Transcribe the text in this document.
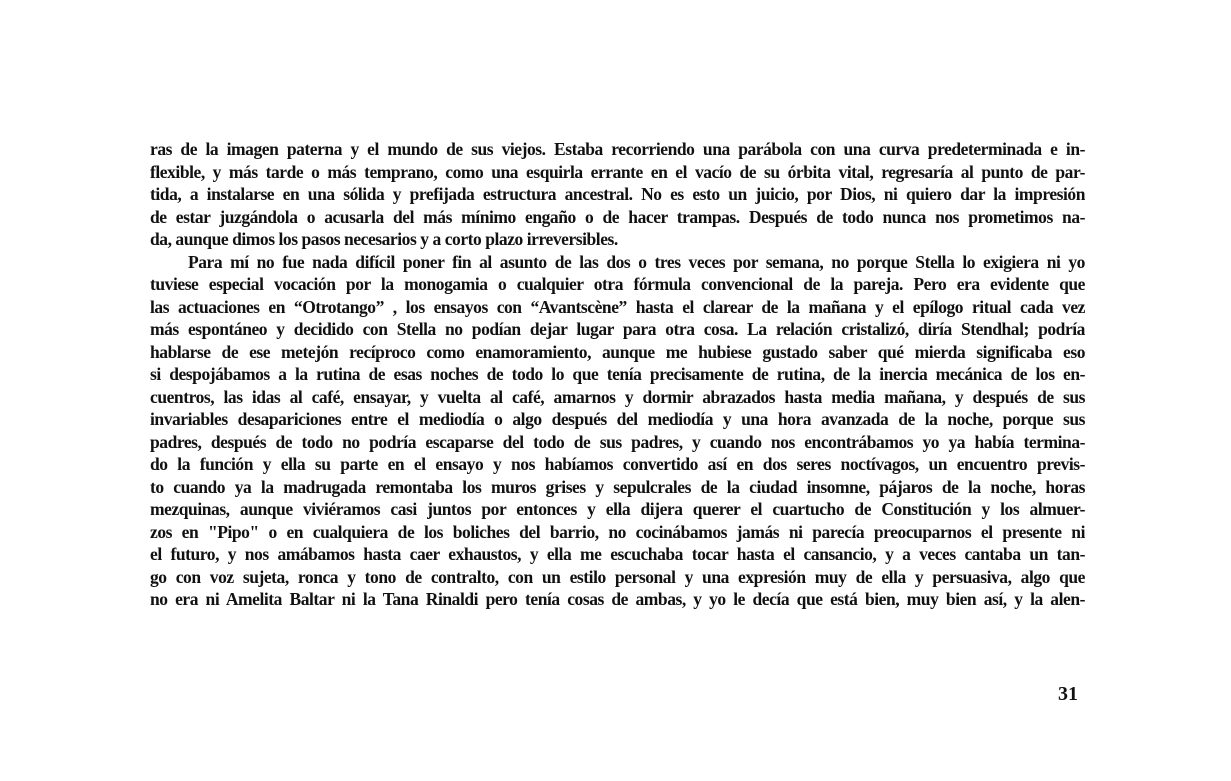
ras de la imagen paterna y el mundo de sus viejos. Estaba recorriendo una parábola con una curva predeterminada e in-
flexible, y más tarde o más temprano, como una esquirla errante en el vacío de su órbita vital, regresaría al punto de par-
tida, a instalarse en una sólida y prefijada estructura ancestral. No es esto un juicio, por Dios, ni quiero dar la impresión
de estar juzgándola o acusarla del más mínimo engaño o de hacer trampas. Después de todo nunca nos prometimos na-
da, aunque dimos los pasos necesarios y a corto plazo irreversibles.
Para mí no fue nada difícil poner fin al asunto de las dos o tres veces por semana, no porque Stella lo exigiera ni yo
tuviese especial vocación por la monogamia o cualquier otra fórmula convencional de la pareja. Pero era evidente que
las actuaciones en “Otrotango” , los ensayos con “Avantscène” hasta el clarear de la mañana y el epílogo ritual cada vez
más espontáneo y decidido con Stella no podían dejar lugar para otra cosa. La relación cristalizó, diría Stendhal; podría
hablarse de ese metejón recíproco como enamoramiento, aunque me hubiese gustado saber qué mierda significaba eso
si despojábamos a la rutina de esas noches de todo lo que tenía precisamente de rutina, de la inercia mecánica de los en-
cuentros, las idas al café, ensayar, y vuelta al café, amarnos y dormir abrazados hasta media mañana, y después de sus
invariables desapariciones entre el mediodía o algo después del mediodía y una hora avanzada de la noche, porque sus
padres, después de todo no podría escaparse del todo de sus padres, y cuando nos encontrábamos yo ya había termina-
do la función y ella su parte en el ensayo y nos habíamos convertido así en dos seres noctívagos, un encuentro previs-
to cuando ya la madrugada remontaba los muros grises y sepulcrales de la ciudad insomne, pájaros de la noche, horas
mezquinas, aunque viviéramos casi juntos por entonces y ella dijera querer el cuartucho de Constitución y los almuer-
zos en "Pipo" o en cualquiera de los boliches del barrio, no cocinábamos jamás ni parecía preocuparnos el presente ni
el futuro, y nos amábamos hasta caer exhaustos, y ella me escuchaba tocar hasta el cansancio, y a veces cantaba un tan-
go con voz sujeta, ronca y tono de contralto, con un estilo personal y una expresión muy de ella y persuasiva, algo que
no era ni Amelita Baltar ni la Tana Rinaldi pero tenía cosas de ambas, y yo le decía que está bien, muy bien así, y la alen-
31
